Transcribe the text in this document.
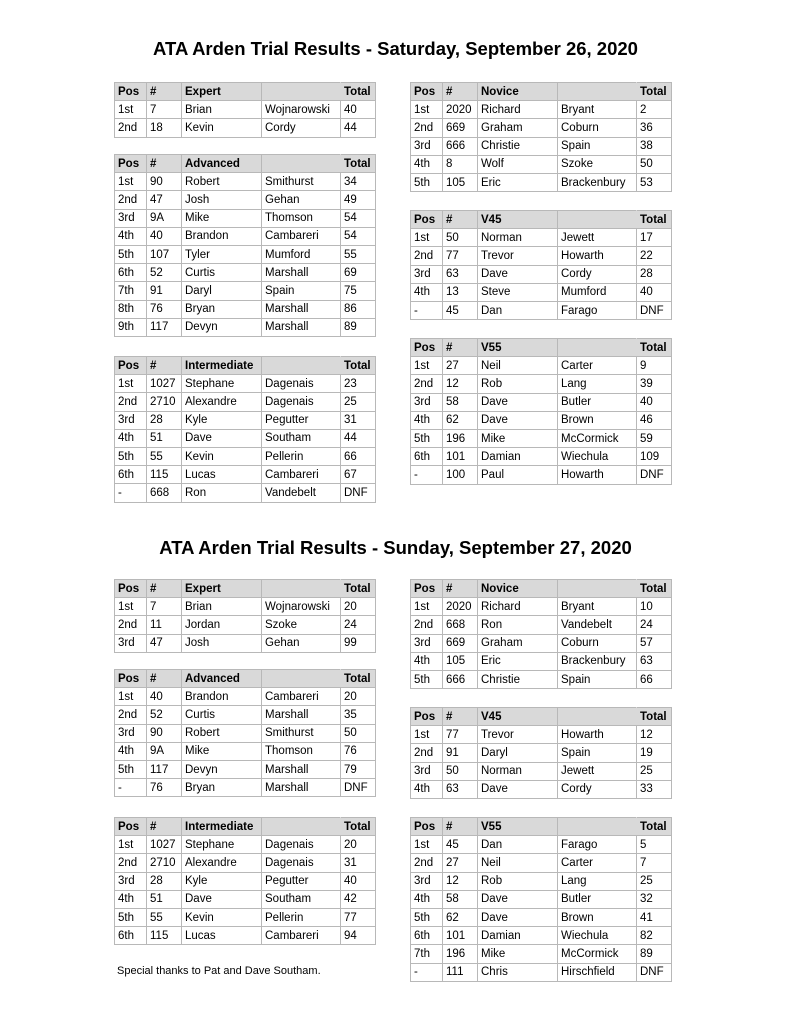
ATA Arden Trial Results - Saturday, September 26, 2020
ATA Arden Trial Results - Sunday, September 27, 2020
Pos	#	Expert		Total
1st	7	Brian	Wojnarowski	40
2nd	18	Kevin	Cordy	44
Pos	#	Advanced		Total
1st	90	Robert	Smithurst	34
2nd	47	Josh	Gehan	49
3rd	9A	Mike	Thomson	54
4th	40	Brandon	Cambareri	54
5th	107	Tyler	Mumford	55
6th	52	Curtis	Marshall	69
7th	91	Daryl	Spain	75
8th	76	Bryan	Marshall	86
9th	117	Devyn	Marshall	89
Pos	#	Intermediate		Total
1st	1027	Stephane	Dagenais	23
2nd	2710	Alexandre	Dagenais	25
3rd	28	Kyle	Pegutter	31
4th	51	Dave	Southam	44
5th	55	Kevin	Pellerin	66
6th	115	Lucas	Cambareri	67
-	668	Ron	Vandebelt	DNF
Pos	#	Novice		Total
1st	2020	Richard	Bryant	2
2nd	669	Graham	Coburn	36
3rd	666	Christie	Spain	38
4th	8	Wolf	Szoke	50
5th	105	Eric	Brackenbury	53
Pos	#	V45		Total
1st	50	Norman	Jewett	17
2nd	77	Trevor	Howarth	22
3rd	63	Dave	Cordy	28
4th	13	Steve	Mumford	40
-	45	Dan	Farago	DNF
Pos	#	V55		Total
1st	27	Neil	Carter	9
2nd	12	Rob	Lang	39
3rd	58	Dave	Butler	40
4th	62	Dave	Brown	46
5th	196	Mike	McCormick	59
6th	101	Damian	Wiechula	109
-	100	Paul	Howarth	DNF
Pos	#	Expert		Total
1st	7	Brian	Wojnarowski	20
2nd	11	Jordan	Szoke	24
3rd	47	Josh	Gehan	99
Pos	#	Advanced		Total
1st	40	Brandon	Cambareri	20
2nd	52	Curtis	Marshall	35
3rd	90	Robert	Smithurst	50
4th	9A	Mike	Thomson	76
5th	117	Devyn	Marshall	79
-	76	Bryan	Marshall	DNF
Pos	#	Intermediate		Total
1st	1027	Stephane	Dagenais	20
2nd	2710	Alexandre	Dagenais	31
3rd	28	Kyle	Pegutter	40
4th	51	Dave	Southam	42
5th	55	Kevin	Pellerin	77
6th	115	Lucas	Cambareri	94
Pos	#	Novice		Total
1st	2020	Richard	Bryant	10
2nd	668	Ron	Vandebelt	24
3rd	669	Graham	Coburn	57
4th	105	Eric	Brackenbury	63
5th	666	Christie	Spain	66
Pos	#	V45		Total
1st	77	Trevor	Howarth	12
2nd	91	Daryl	Spain	19
3rd	50	Norman	Jewett	25
4th	63	Dave	Cordy	33
Pos	#	V55		Total
1st	45	Dan	Farago	5
2nd	27	Neil	Carter	7
3rd	12	Rob	Lang	25
4th	58	Dave	Butler	32
5th	62	Dave	Brown	41
6th	101	Damian	Wiechula	82
7th	196	Mike	McCormick	89
-	111	Chris	Hirschfield	DNF
Special thanks to Pat and Dave Southam.
